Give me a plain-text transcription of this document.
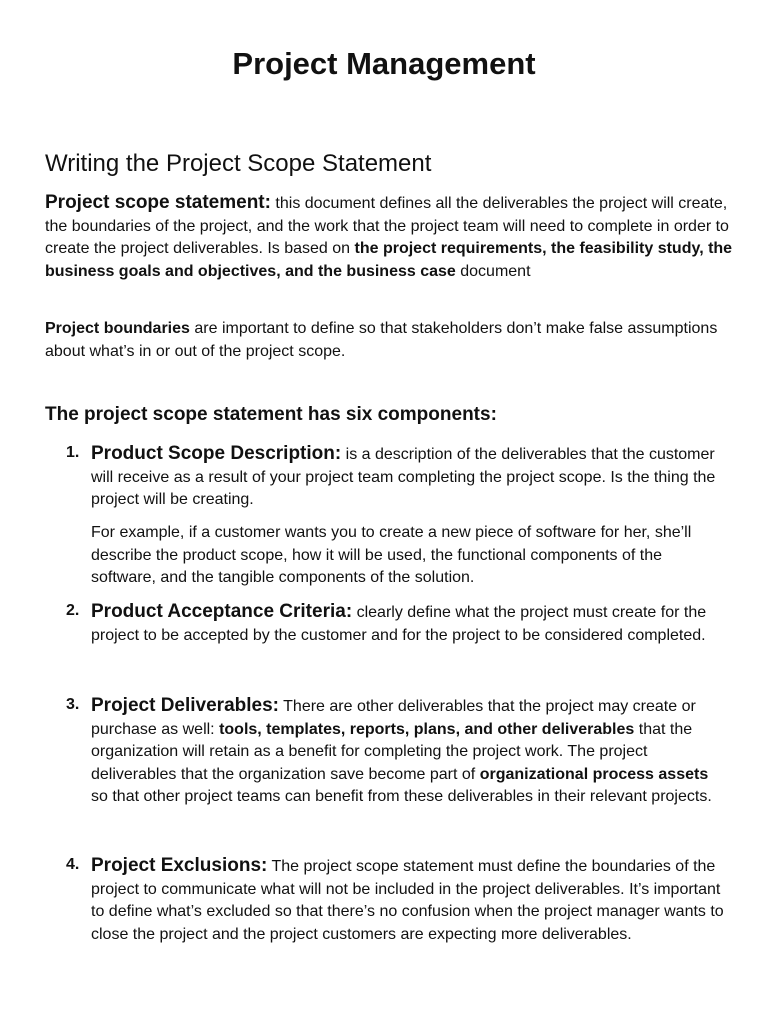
Project Management
Writing the Project Scope Statement

Project scope statement: this document defines all the deliverables the project will create, the boundaries of the project, and the work that the project team will need to complete in order to create the project deliverables. Is based on the project requirements, the feasibility study, the business goals and objectives, and the business case document

Project boundaries are important to define so that stakeholders don’t make false assumptions about what’s in or out of the project scope.

The project scope statement has six components:
1. Product Scope Description: is a description of the deliverables that the customer will receive as a result of your project team completing the project scope. Is the thing the project will be creating.

For example, if a customer wants you to create a new piece of software for her, she’ll describe the product scope, how it will be used, the functional components of the software, and the tangible components of the solution.

2. Product Acceptance Criteria: clearly define what the project must create for the project to be accepted by the customer and for the project to be considered completed.
3. Project Deliverables: There are other deliverables that the project may create or purchase as well: tools, templates, reports, plans, and other deliverables that the organization will retain as a benefit for completing the project work. The project deliverables that the organization save become part of organizational process assets so that other project teams can benefit from these deliverables in their relevant projects.
4. Project Exclusions: The project scope statement must define the boundaries of the project to communicate what will not be included in the project deliverables. It’s important to define what’s excluded so that there’s no confusion when the project manager wants to close the project and the project customers are expecting more deliverables.
